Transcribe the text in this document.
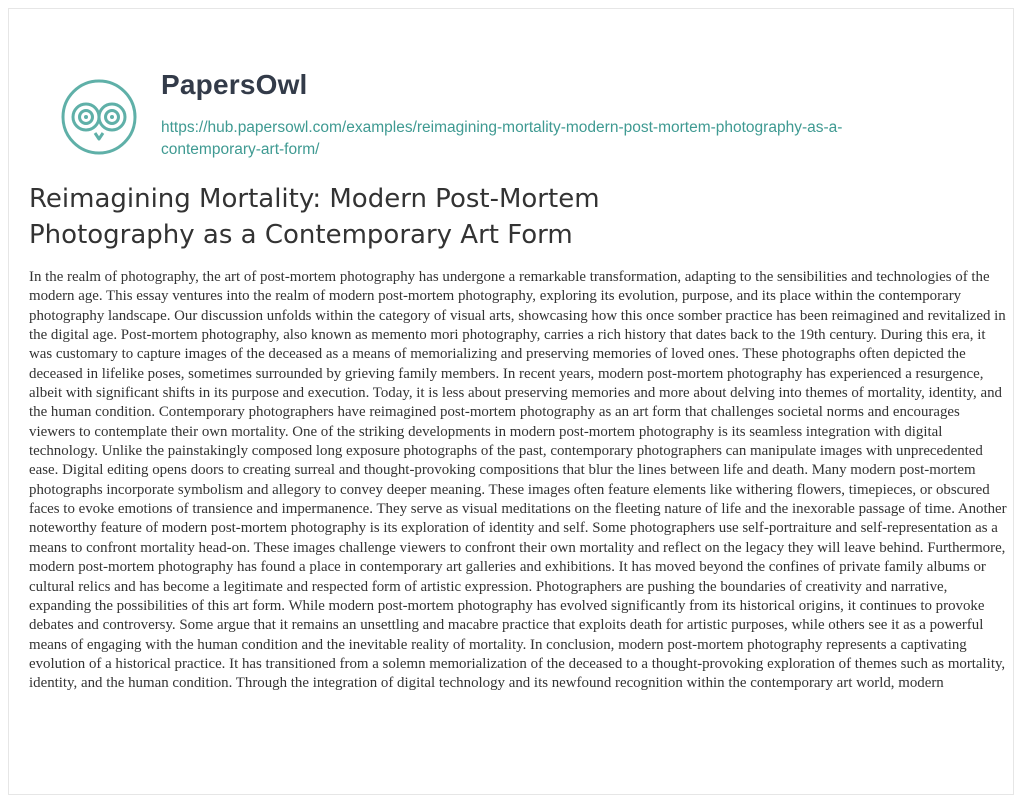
PapersOwl
https://hub.papersowl.com/examples/reimagining-mortality-modern-post-mortem-photography-as-a-contemporary-art-form/
Reimagining Mortality: Modern Post-Mortem Photography as a Contemporary Art Form

In the realm of photography, the art of post-mortem photography has undergone a remarkable transformation, adapting to the sensibilities and technologies of the modern age. This essay ventures into the realm of modern post-mortem photography, exploring its evolution, purpose, and its place within the contemporary photography landscape. Our discussion unfolds within the category of visual arts, showcasing how this once somber practice has been reimagined and revitalized in the digital age. Post-mortem photography, also known as memento mori photography, carries a rich history that dates back to the 19th century. During this era, it was customary to capture images of the deceased as a means of memorializing and preserving memories of loved ones. These photographs often depicted the deceased in lifelike poses, sometimes surrounded by grieving family members. In recent years, modern post-mortem photography has experienced a resurgence, albeit with significant shifts in its purpose and execution. Today, it is less about preserving memories and more about delving into themes of mortality, identity, and the human condition. Contemporary photographers have reimagined post-mortem photography as an art form that challenges societal norms and encourages viewers to contemplate their own mortality. One of the striking developments in modern post-mortem photography is its seamless integration with digital technology. Unlike the painstakingly composed long exposure photographs of the past, contemporary photographers can manipulate images with unprecedented ease. Digital editing opens doors to creating surreal and thought-provoking compositions that blur the lines between life and death. Many modern post-mortem photographs incorporate symbolism and allegory to convey deeper meaning. These images often feature elements like withering flowers, timepieces, or obscured faces to evoke emotions of transience and impermanence. They serve as visual meditations on the fleeting nature of life and the inexorable passage of time. Another noteworthy feature of modern post-mortem photography is its exploration of identity and self. Some photographers use self-portraiture and self-representation as a means to confront mortality head-on. These images challenge viewers to confront their own mortality and reflect on the legacy they will leave behind. Furthermore, modern post-mortem photography has found a place in contemporary art galleries and exhibitions. It has moved beyond the confines of private family albums or cultural relics and has become a legitimate and respected form of artistic expression. Photographers are pushing the boundaries of creativity and narrative, expanding the possibilities of this art form. While modern post-mortem photography has evolved significantly from its historical origins, it continues to provoke debates and controversy. Some argue that it remains an unsettling and macabre practice that exploits death for artistic purposes, while others see it as a powerful means of engaging with the human condition and the inevitable reality of mortality. In conclusion, modern post-mortem photography represents a captivating evolution of a historical practice. It has transitioned from a solemn memorialization of the deceased to a thought-provoking exploration of themes such as mortality, identity, and the human condition. Through the integration of digital technology and its newfound recognition within the contemporary art world, modern
